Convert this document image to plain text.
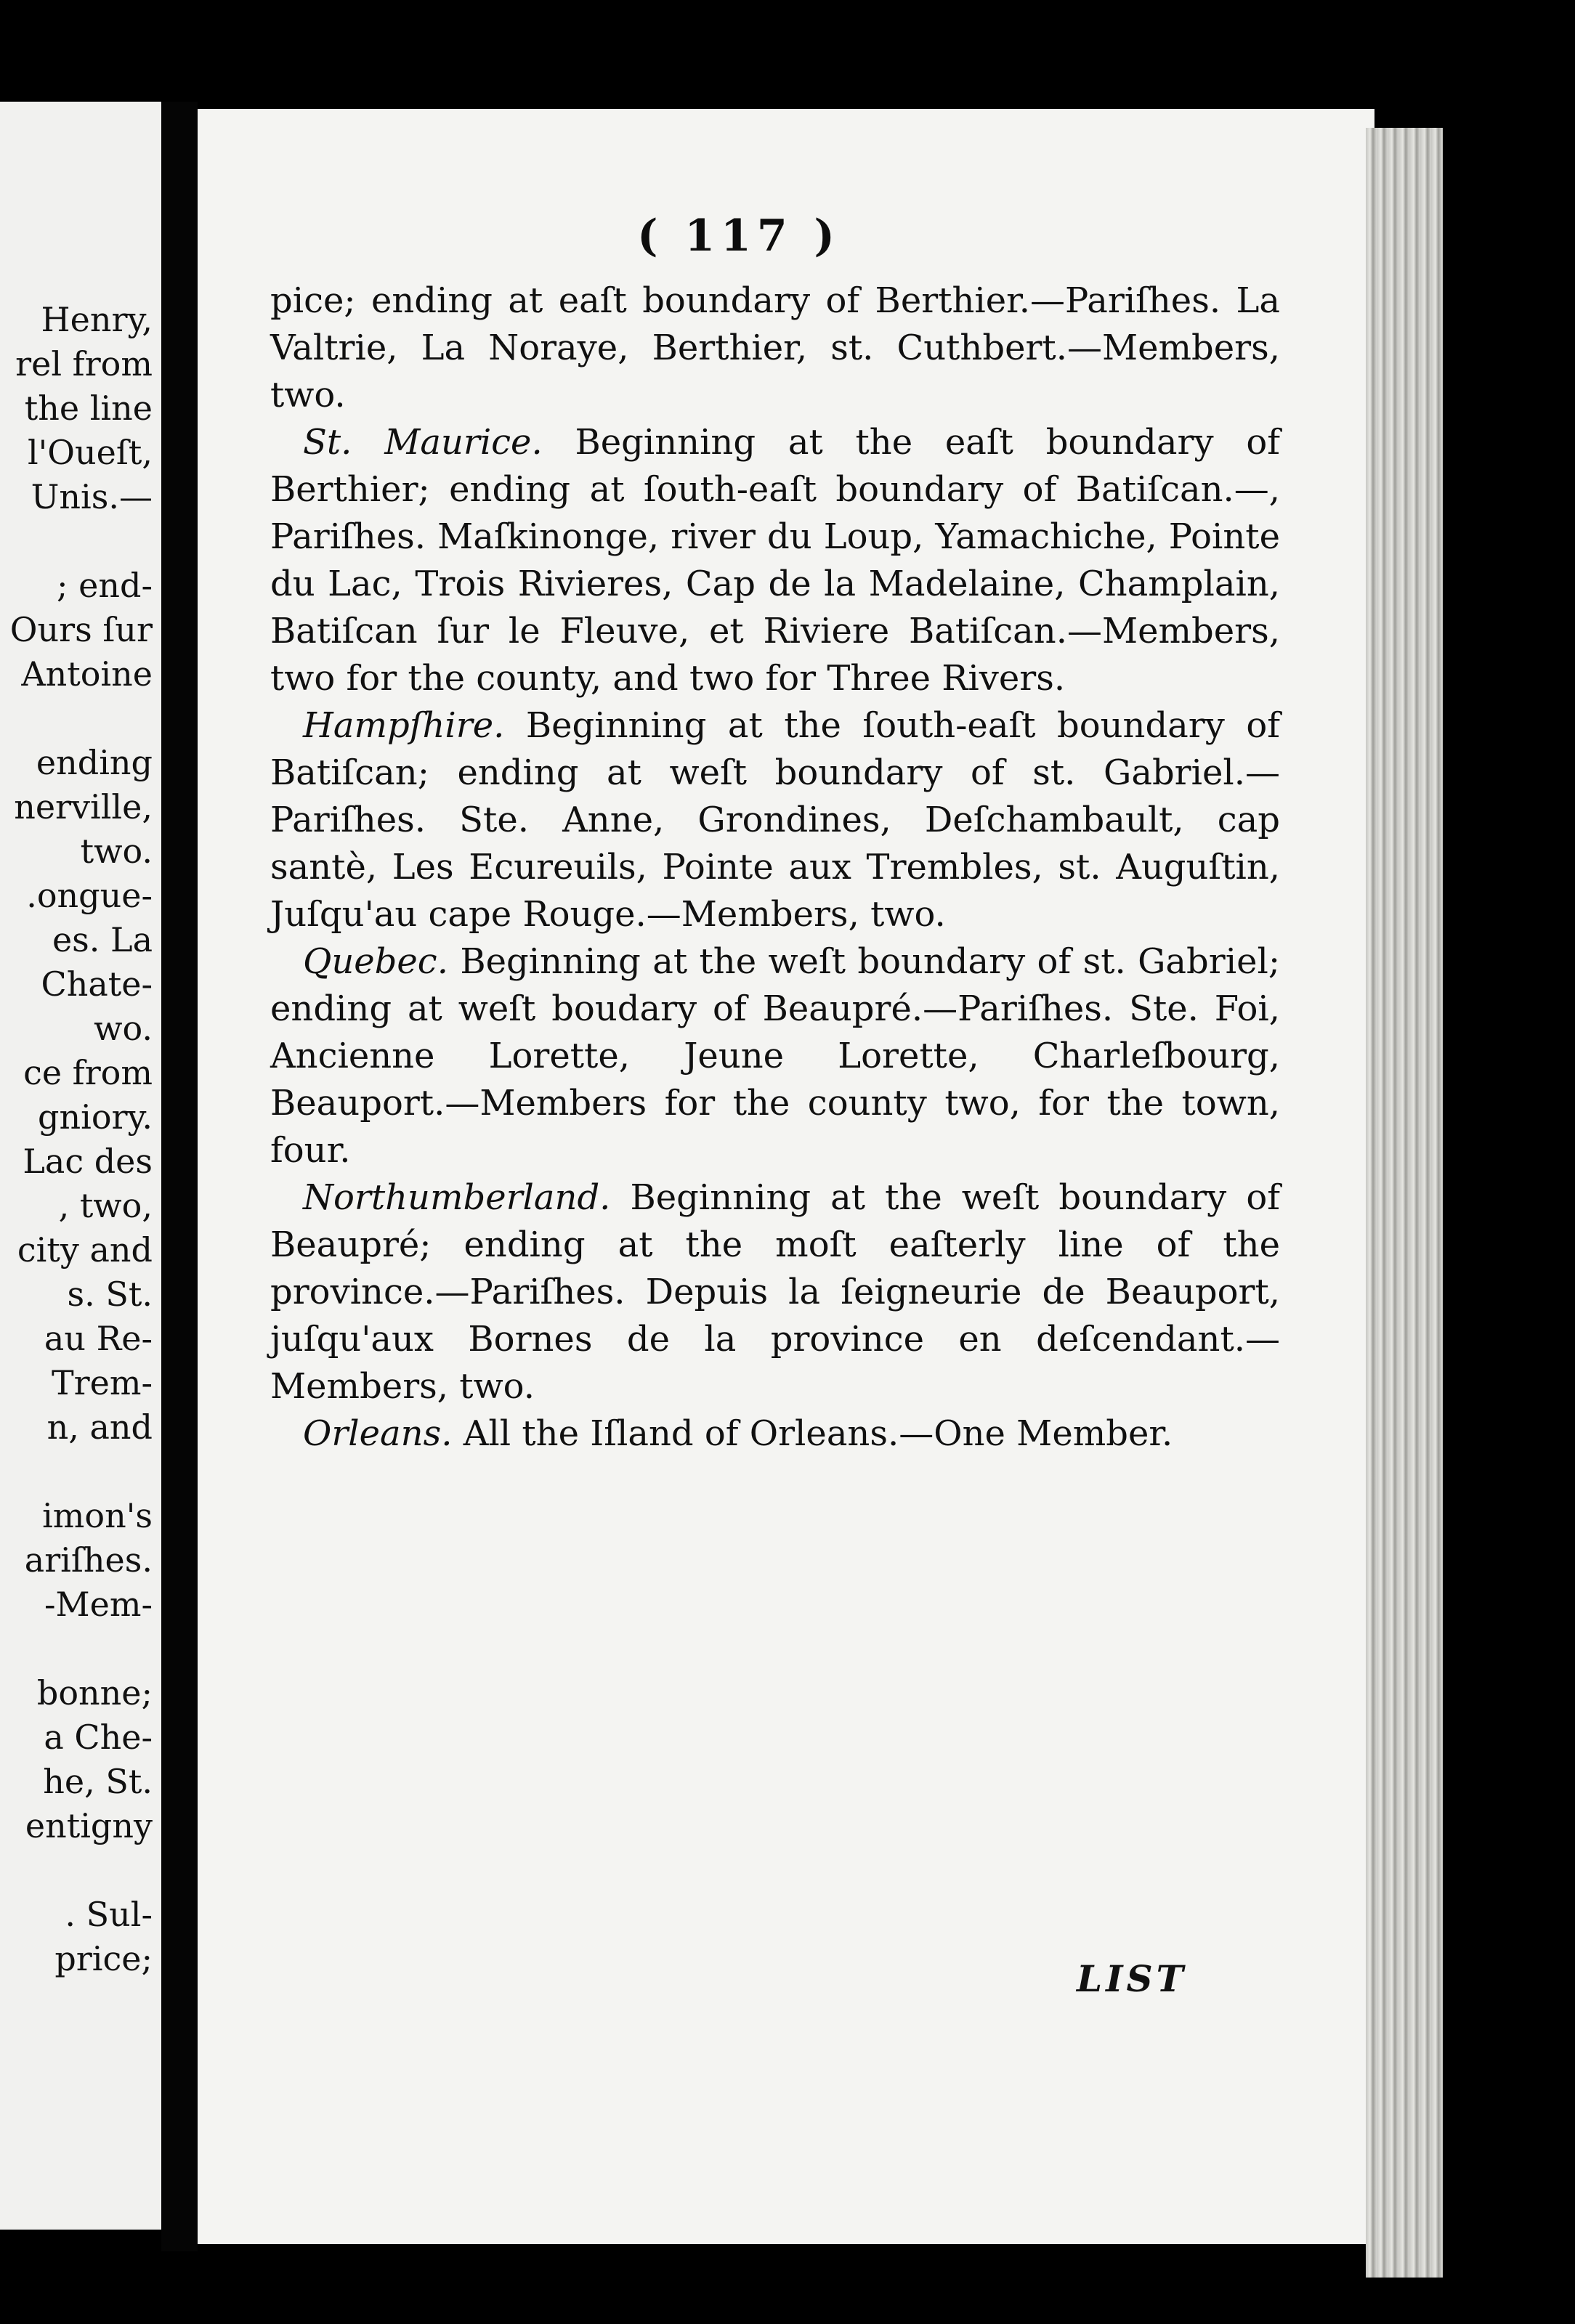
Henry,
rel from
the line
l'Oueſt,
Unis.—
; end-
Ours ſur
Antoine
ending
nerville,
two.
.ongue-
es. La
Chate-
wo.
ce from
gniory.
Lac des
, two,
city and
s. St.
au Re-
Trem-
n, and
imon's
ariſhes.
-Mem-
bonne;
a Che-
he, St.
entigny
. Sul-
price;
( 117 )

pice; ending at eaſt boundary of Berthier.—Pariſhes. La Valtrie, La Noraye, Berthier, st. Cuthbert.—Members, two.

St. Maurice. Beginning at the eaſt boundary of Berthier; ending at ſouth-eaſt boundary of Batiſcan.—, Pariſhes. Maſkinonge, river du Loup, Yamachiche, Pointe du Lac, Trois Rivieres, Cap de la Madelaine, Champlain, Batiſcan ſur le Fleuve, et Riviere Batiſcan.—Members, two for the county, and two for Three Rivers.

Hampſhire. Beginning at the ſouth-eaſt boundary of Batiſcan; ending at weſt boundary of st. Gabriel.—Pariſhes. Ste. Anne, Grondines, Deſchambault, cap santè, Les Ecureuils, Pointe aux Trembles, st. Auguſtin, Juſqu'au cape Rouge.—Members, two.

Quebec. Beginning at the weſt boundary of st. Gabriel; ending at weſt boudary of Beaupré.—Pariſhes. Ste. Foi, Ancienne Lorette, Jeune Lorette, Charleſbourg, Beauport.—Members for the county two, for the town, four.

Northumberland. Beginning at the weſt boundary of Beaupré; ending at the moſt eaſterly line of the province.—Pariſhes. Depuis la ſeigneurie de Beauport, juſqu'aux Bornes de la province en deſcendant.—Members, two.

Orleans. All the Iſland of Orleans.—One Member.

LIST
